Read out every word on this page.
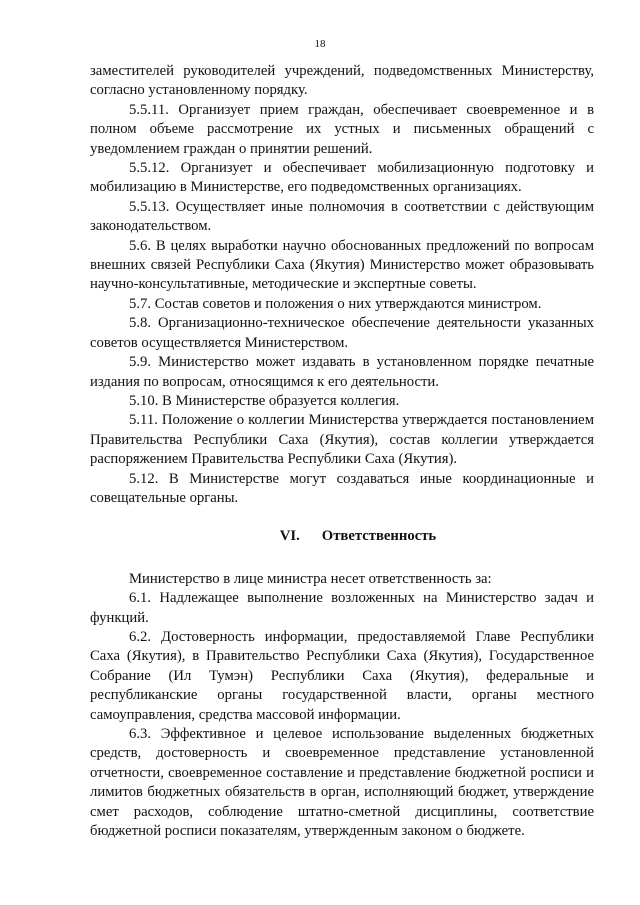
18

заместителей руководителей учреждений, подведомственных Министерству, согласно установленному порядку.

5.5.11. Организует прием граждан, обеспечивает своевременное и в полном объеме рассмотрение их устных и письменных обращений с уведомлением граждан о принятии решений.

5.5.12. Организует и обеспечивает мобилизационную подготовку и мобилизацию в Министерстве, его подведомственных организациях.

5.5.13. Осуществляет иные полномочия в соответствии с действующим законодательством.

5.6. В целях выработки научно обоснованных предложений по вопросам внешних связей Республики Саха (Якутия) Министерство может образовывать научно-консультативные, методические и экспертные советы.

5.7. Состав советов и положения о них утверждаются министром.

5.8. Организационно-техническое обеспечение деятельности указанных советов осуществляется Министерством.

5.9. Министерство может издавать в установленном порядке печатные издания по вопросам, относящимся к его деятельности.

5.10. В Министерстве образуется коллегия.

5.11. Положение о коллегии Министерства утверждается постановлением Правительства Республики Саха (Якутия), состав коллегии утверждается распоряжением Правительства Республики Саха (Якутия).

5.12. В Министерстве могут создаваться иные координационные и совещательные органы.

VI. Ответственность

Министерство в лице министра несет ответственность за:

6.1. Надлежащее выполнение возложенных на Министерство задач и функций.

6.2. Достоверность информации, предоставляемой Главе Республики Саха (Якутия), в Правительство Республики Саха (Якутия), Государственное Собрание (Ил Тумэн) Республики Саха (Якутия), федеральные и республиканские органы государственной власти, органы местного самоуправления, средства массовой информации.

6.3. Эффективное и целевое использование выделенных бюджетных средств, достоверность и своевременное представление установленной отчетности, своевременное составление и представление бюджетной росписи и лимитов бюджетных обязательств в орган, исполняющий бюджет, утверждение смет расходов, соблюдение штатно-сметной дисциплины, соответствие бюджетной росписи показателям, утвержденным законом о бюджете.
